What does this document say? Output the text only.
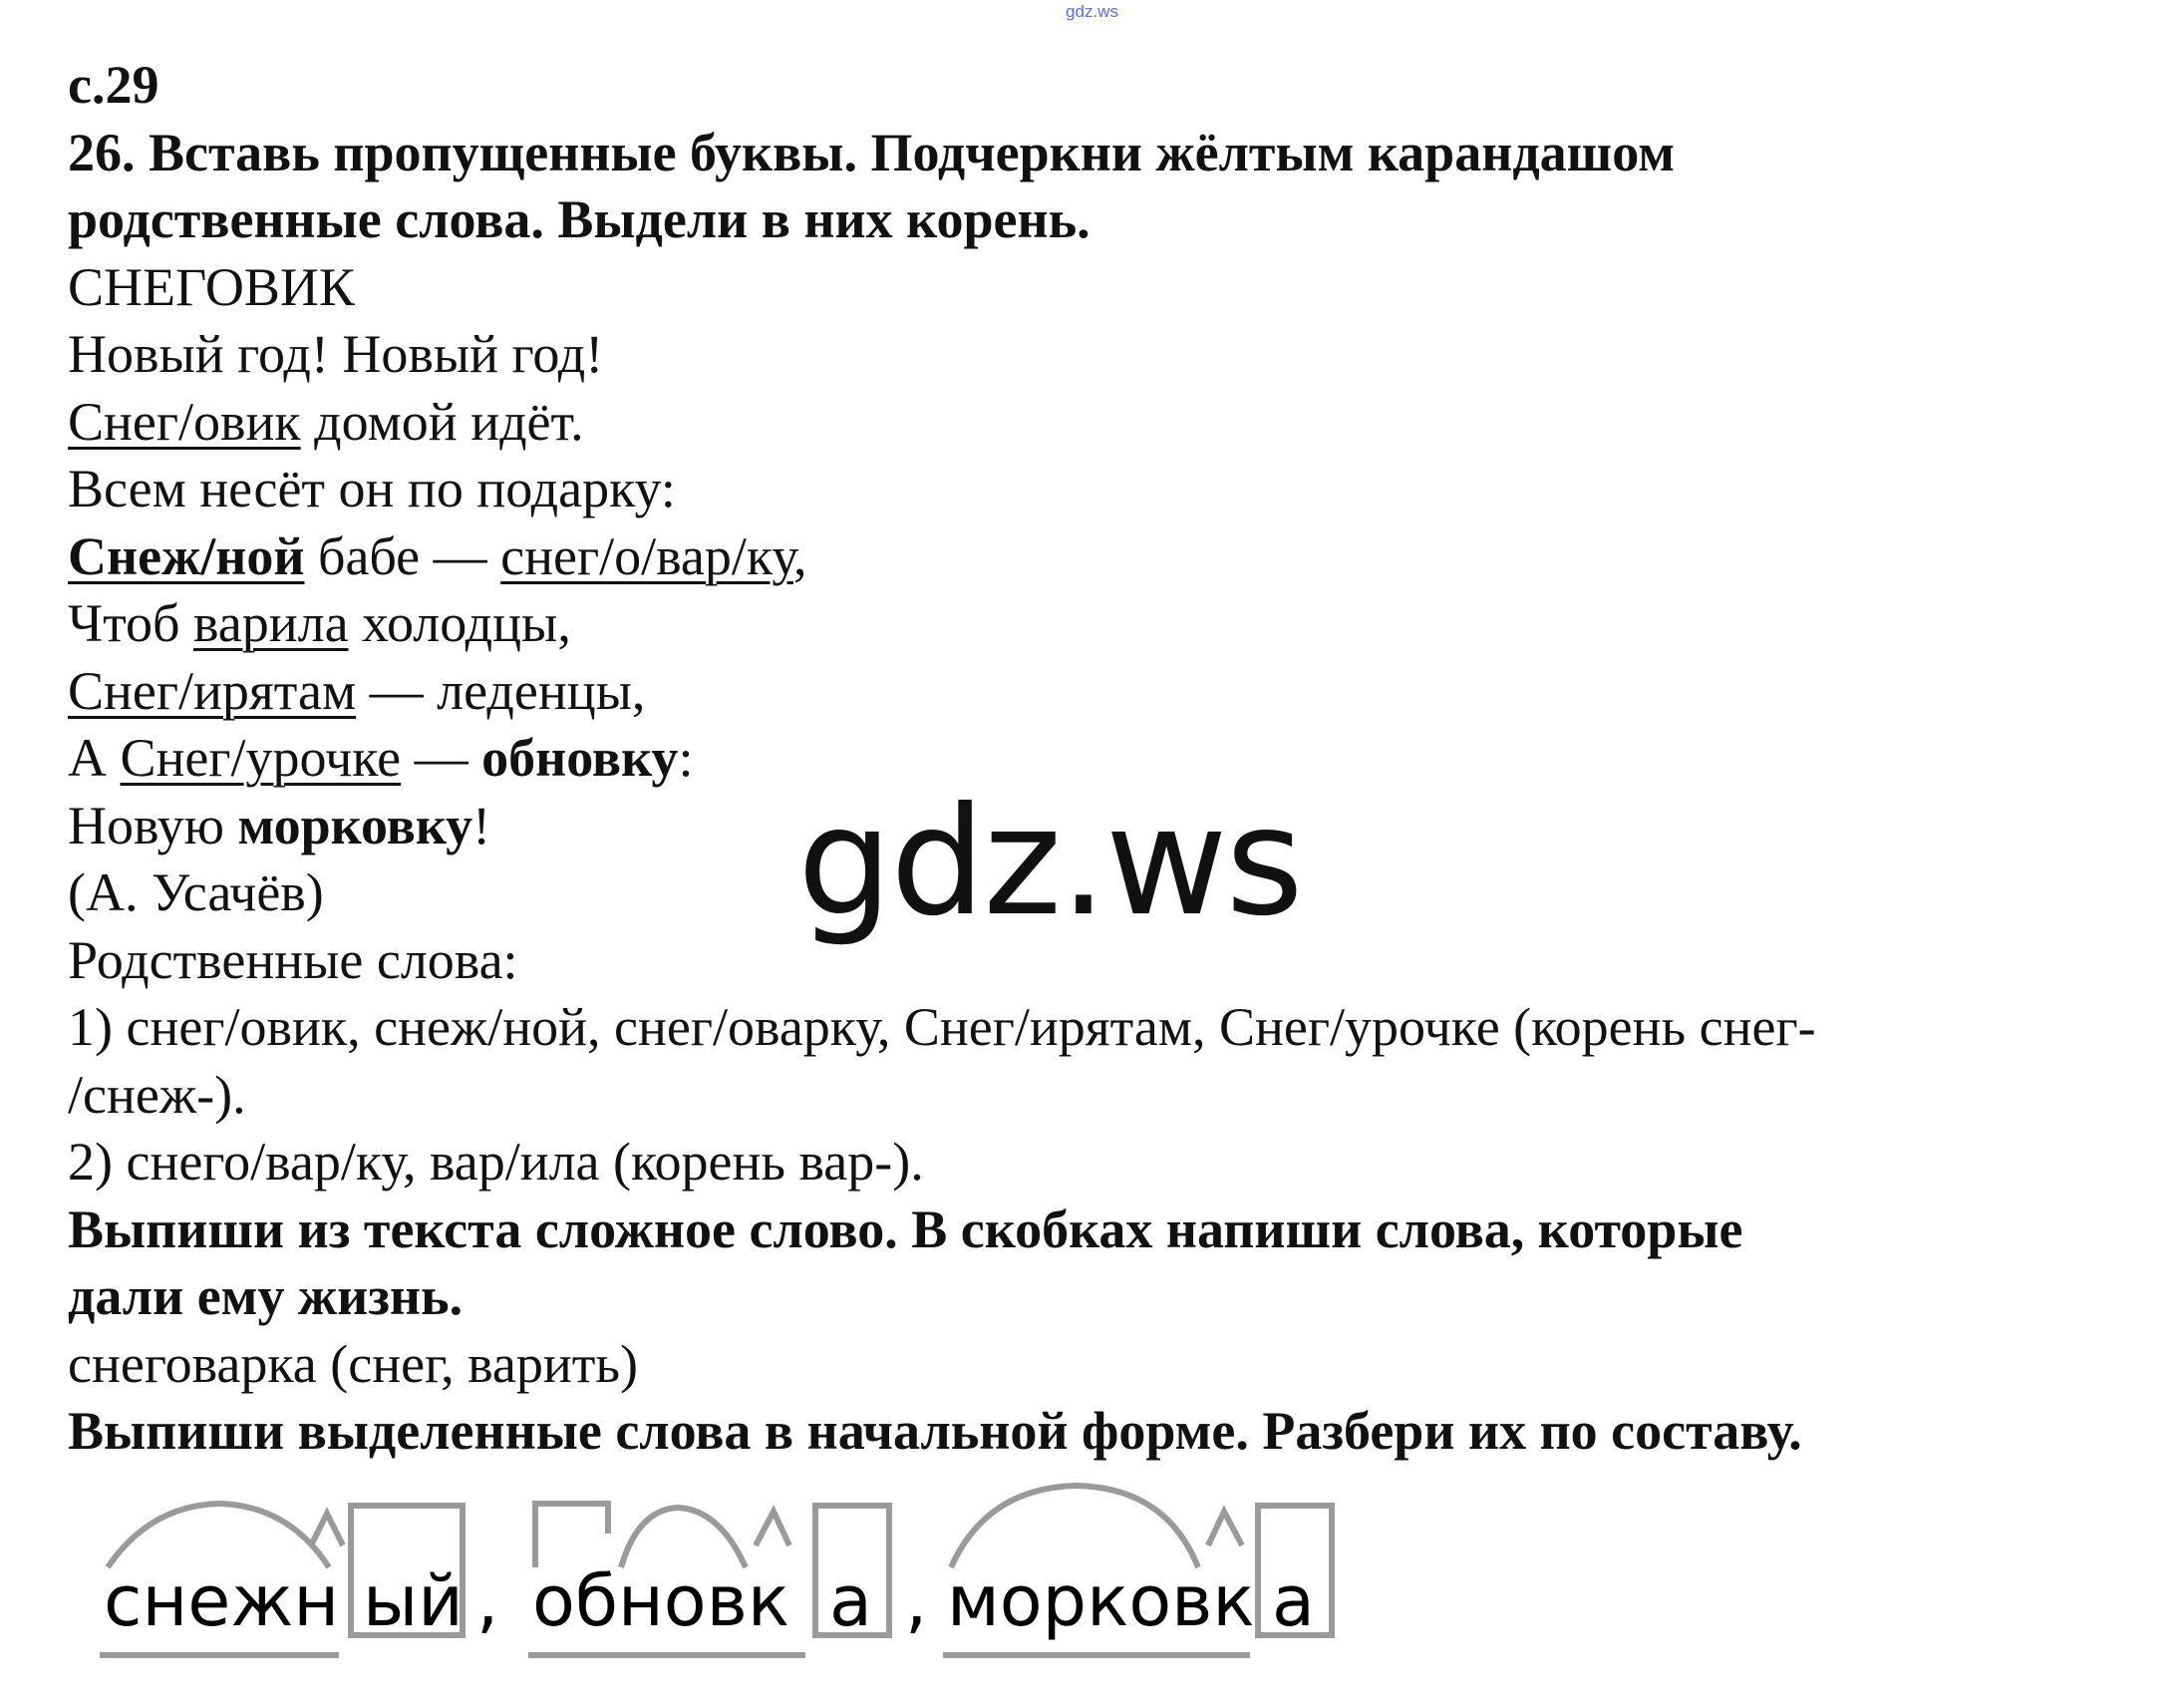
gdz.ws
с.29
26. Вставь пропущенные буквы. Подчеркни жёлтым карандашом
родственные слова. Выдели в них корень.
СНЕГОВИК
Новый год! Новый год!
Снег/овик домой идёт.
Всем несёт он по подарку:
Снеж/ной бабе — снег/о/вар/ку,
Чтоб варила холодцы,
Снег/ирятам — леденцы,
А Снег/урочке — обновку:
Новую морковку!
(А. Усачёв)
Родственные слова:
1) снег/овик, снеж/ной, снег/оварку, Снег/ирятам, Снег/урочке (корень снег-
/снеж-).
2) снего/вар/ку, вар/ила (корень вар-).
Выпиши из текста сложное слово. В скобках напиши слова, которые
дали ему жизнь.
снеговарка (снег, варить)
Выпиши выделенные слова в начальной форме. Разбери их по составу.
gdz.ws
снежн ый , обновк а , морковк а
